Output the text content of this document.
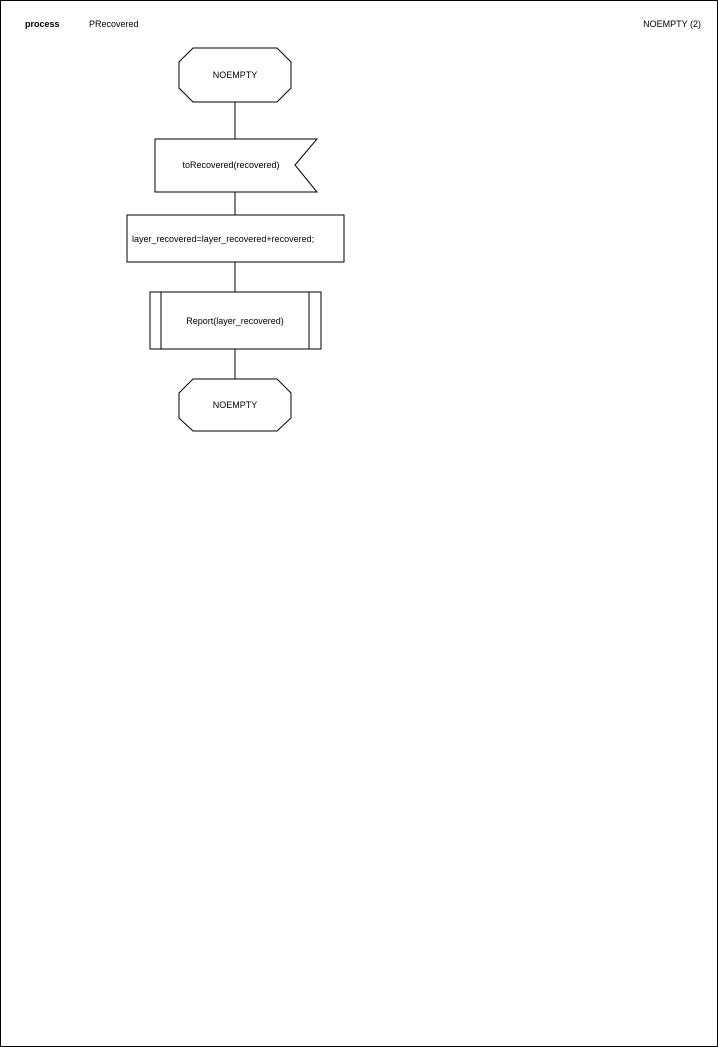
process	PRecovered	NOEMPTY (2)
NOEMPTY
toRecovered(recovered)
layer_recovered=layer_recovered+recovered;
Report(layer_recovered)
NOEMPTY
